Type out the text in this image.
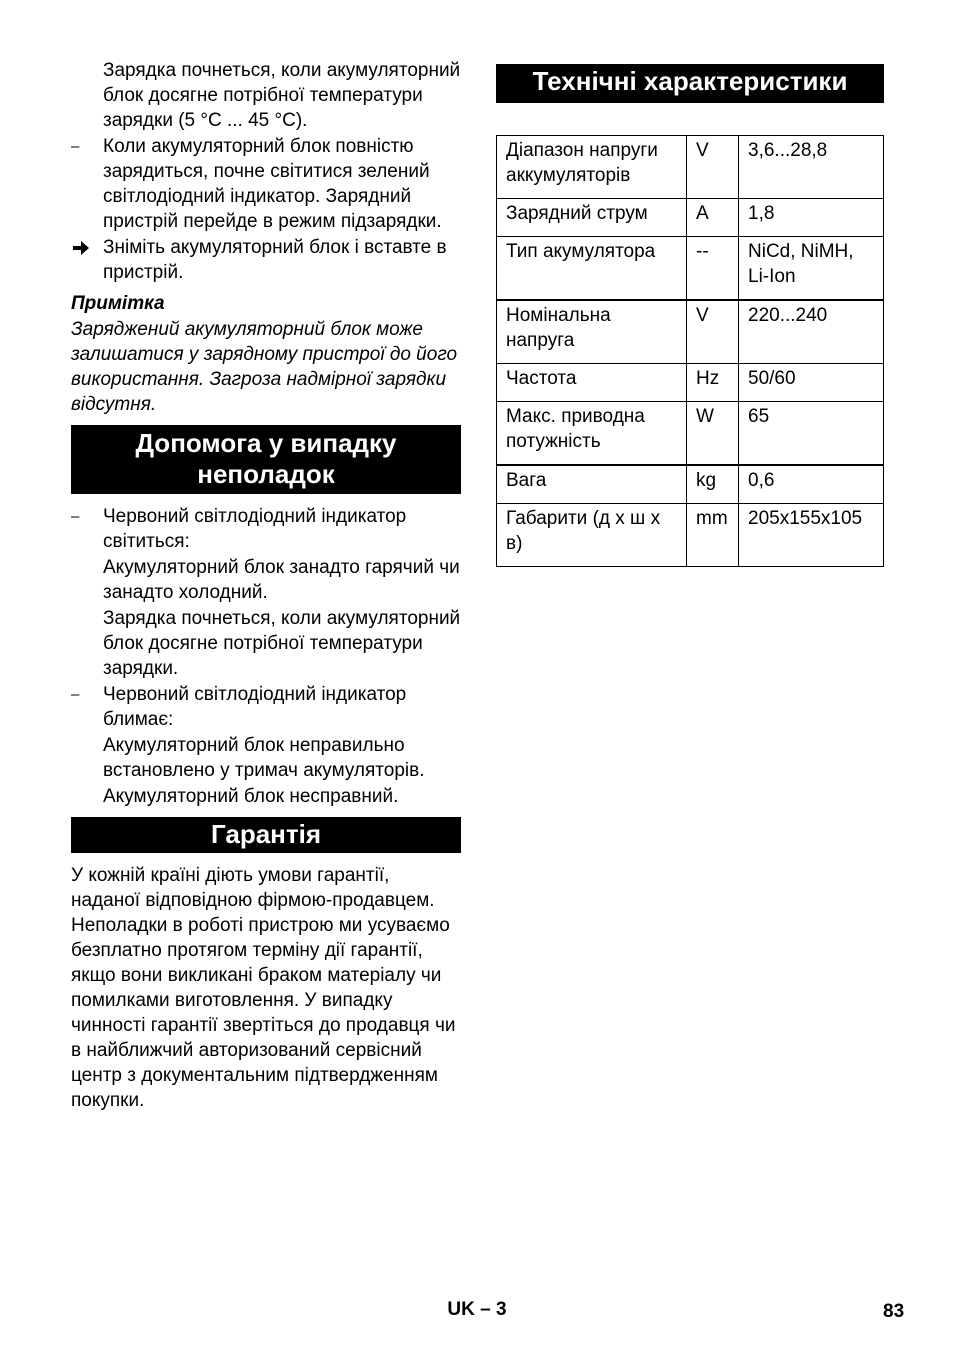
Зарядка почнеться, коли акумуляторний блок досягне потрібної температури зарядки (5 °C ... 45 °C).

–	Коли акумуляторний блок повністю зарядиться, почне світитися зелений світлодіодний індикатор. Зарядний пристрій перейде в режим підзарядки.
Зніміть акумуляторний блок і вставте в пристрій.
Примітка

Заряджений акумуляторний блок може залишатися у зарядному пристрої до його використання. Загроза надмірної зарядки відсутня.

Допомога у випадку неполадок
–	Червоний світлодіодний індикатор світиться:

Акумуляторний блок занадто гарячий чи занадто холодний.

Зарядка почнеться, коли акумуляторний блок досягне потрібної температури зарядки.

–	Червоний світлодіодний індикатор блимає:

Акумуляторний блок неправильно встановлено у тримач акумуляторів.

Акумуляторний блок несправний.

Гарантія

У кожній країні діють умови гарантії, наданої відповідною фірмою-продавцем. Неполадки в роботі пристрою ми усуваємо безплатно протягом терміну дії гарантії, якщо вони викликані браком матеріалу чи помилками виготовлення. У випадку чинності гарантії звертіться до продавця чи в найближчий авторизований сервісний центр з документальним підтвердженням покупки.

Технічні характеристики
Діапазон напруги аккумуляторів	V	3,6...28,8
Зарядний струм	A	1,8
Тип акумулятора	--	NiCd, NiMH, Li-Ion
Номінальна напруга	V	220...240
Частота	Hz	50/60
Макс. приводна потужність	W	65
Вага	kg	0,6
Габарити (д х ш х в)	mm	205x155x105
UK – 3	83
